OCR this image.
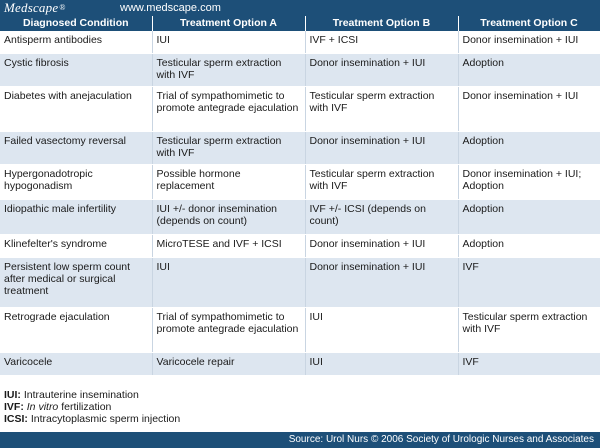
Medscape®	www.medscape.com
Diagnosed Condition	Treatment Option A	Treatment Option B	Treatment Option C
Antisperm antibodies	IUI	IVF + ICSI	Donor insemination + IUI
Cystic fibrosis	Testicular sperm extraction with IVF	Donor insemination + IUI	Adoption
Diabetes with anejaculation	Trial of sympathomimetic to promote antegrade ejaculation	Testicular sperm extraction with IVF	Donor insemination + IUI
Failed vasectomy reversal	Testicular sperm extraction with IVF	Donor insemination + IUI	Adoption
Hypergonadotropic hypogonadism	Possible hormone replacement	Testicular sperm extraction with IVF	Donor insemination + IUI; Adoption
Idiopathic male infertility	IUI +/- donor insemination (depends on count)	IVF +/- ICSI (depends on count)	Adoption
Klinefelter's syndrome	MicroTESE and IVF + ICSI	Donor insemination + IUI	Adoption
Persistent low sperm count after medical or surgical treatment	IUI	Donor insemination + IUI	IVF
Retrograde ejaculation	Trial of sympathomimetic to promote antegrade ejaculation	IUI	Testicular sperm extraction with IVF
Varicocele	Varicocele repair	IUI	IVF
IUI: Intrauterine insemination
IVF: In vitro fertilization
ICSI: Intracytoplasmic sperm injection
Source: Urol Nurs © 2006 Society of Urologic Nurses and Associates
